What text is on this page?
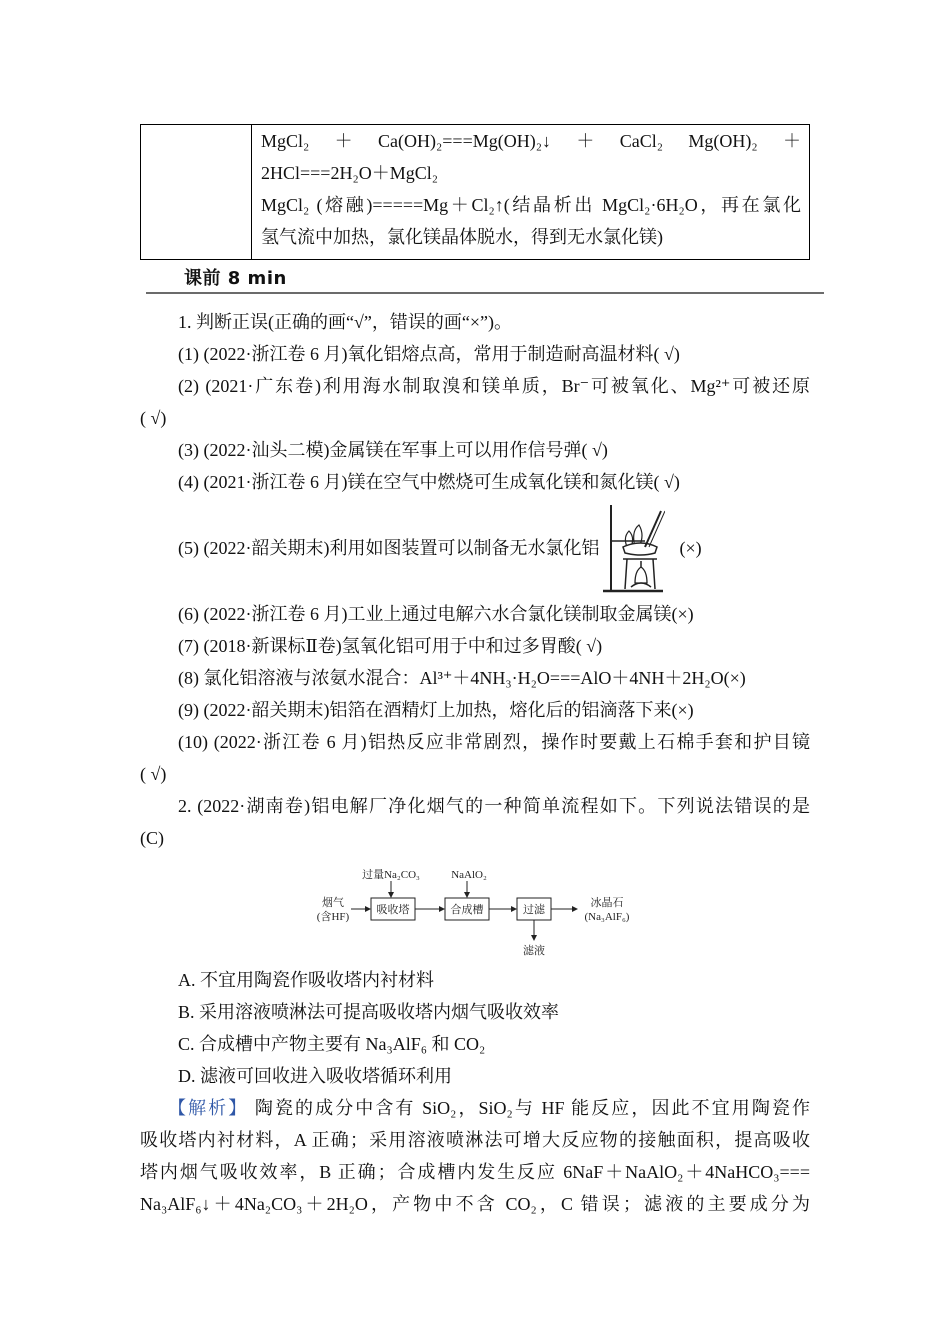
MgCl₂ ＋ Ca(OH)₂===Mg(OH)₂↓ ＋ CaCl₂ Mg(OH)₂ ＋
2HCl===2H₂O＋MgCl₂
MgCl₂ (熔融)=====Mg＋Cl₂↑(结晶析出 MgCl₂·6H₂O，再在氯化
氢气流中加热，氯化镁晶体脱水，得到无水氯化镁)
课前 8 min

1. 判断正误(正确的画“√”，错误的画“×”)。

(1) (2022·浙江卷 6 月)氧化铝熔点高，常用于制造耐高温材料( √)

(2) (2021·广东卷)利用海水制取溴和镁单质，Br⁻可被氧化、Mg²⁺可被还原

( √)

(3) (2022·汕头二模)金属镁在军事上可以用作信号弹( √)

(4) (2021·浙江卷 6 月)镁在空气中燃烧可生成氧化镁和氮化镁( √)

(5) (2022·韶关期末)利用如图装置可以制备无水氯化铝	(×)

(6) (2022·浙江卷 6 月)工业上通过电解六水合氯化镁制取金属镁(×)

(7) (2018·新课标Ⅱ卷)氢氧化铝可用于中和过多胃酸( √)

(8) 氯化铝溶液与浓氨水混合：Al³⁺＋4NH₃·H₂O===AlO＋4NH＋2H₂O(×)

(9) (2022·韶关期末)铝箔在酒精灯上加热，熔化后的铝滴落下来(×)

(10) (2022·浙江卷 6 月)铝热反应非常剧烈，操作时要戴上石棉手套和护目镜

( √)

2. (2022·湖南卷)铝电解厂净化烟气的一种简单流程如下。下列说法错误的是

(C)

过量Na₂CO₃	NaAlO₂
烟气
(含HF)
吸收塔	合成槽	过滤
滤液
冰晶石
(Na₃AlF₆)

A. 不宜用陶瓷作吸收塔内衬材料

B. 采用溶液喷淋法可提高吸收塔内烟气吸收效率

C. 合成槽中产物主要有 Na₃AlF₆ 和 CO₂

D. 滤液可回收进入吸收塔循环利用

【解析】 陶瓷的成分中含有 SiO₂，SiO₂与 HF 能反应，因此不宜用陶瓷作

吸收塔内衬材料，A 正确；采用溶液喷淋法可增大反应物的接触面积，提高吸收

塔内烟气吸收效率，B 正确；合成槽内发生反应 6NaF＋NaAlO₂＋4NaHCO₃===

Na₃AlF₆↓＋4Na₂CO₃＋2H₂O，产物中不含 CO₂，C 错误；滤液的主要成分为
